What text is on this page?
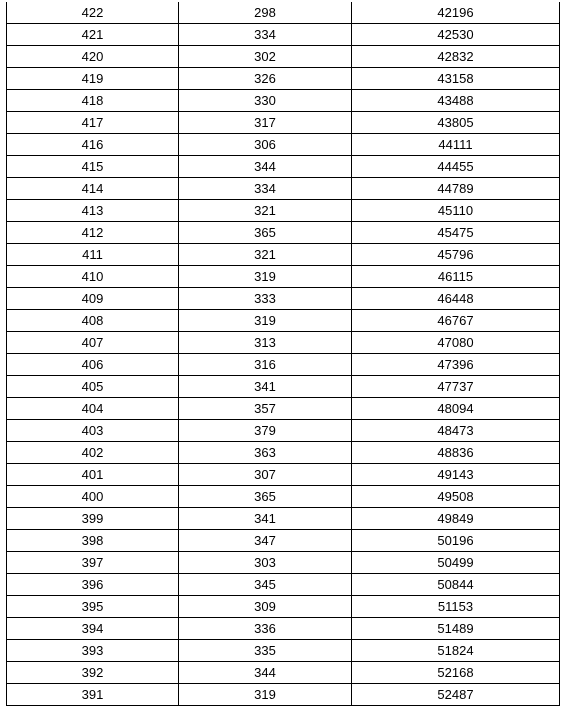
422	298	42196
421	334	42530
420	302	42832
419	326	43158
418	330	43488
417	317	43805
416	306	44111
415	344	44455
414	334	44789
413	321	45110
412	365	45475
411	321	45796
410	319	46115
409	333	46448
408	319	46767
407	313	47080
406	316	47396
405	341	47737
404	357	48094
403	379	48473
402	363	48836
401	307	49143
400	365	49508
399	341	49849
398	347	50196
397	303	50499
396	345	50844
395	309	51153
394	336	51489
393	335	51824
392	344	52168
391	319	52487
